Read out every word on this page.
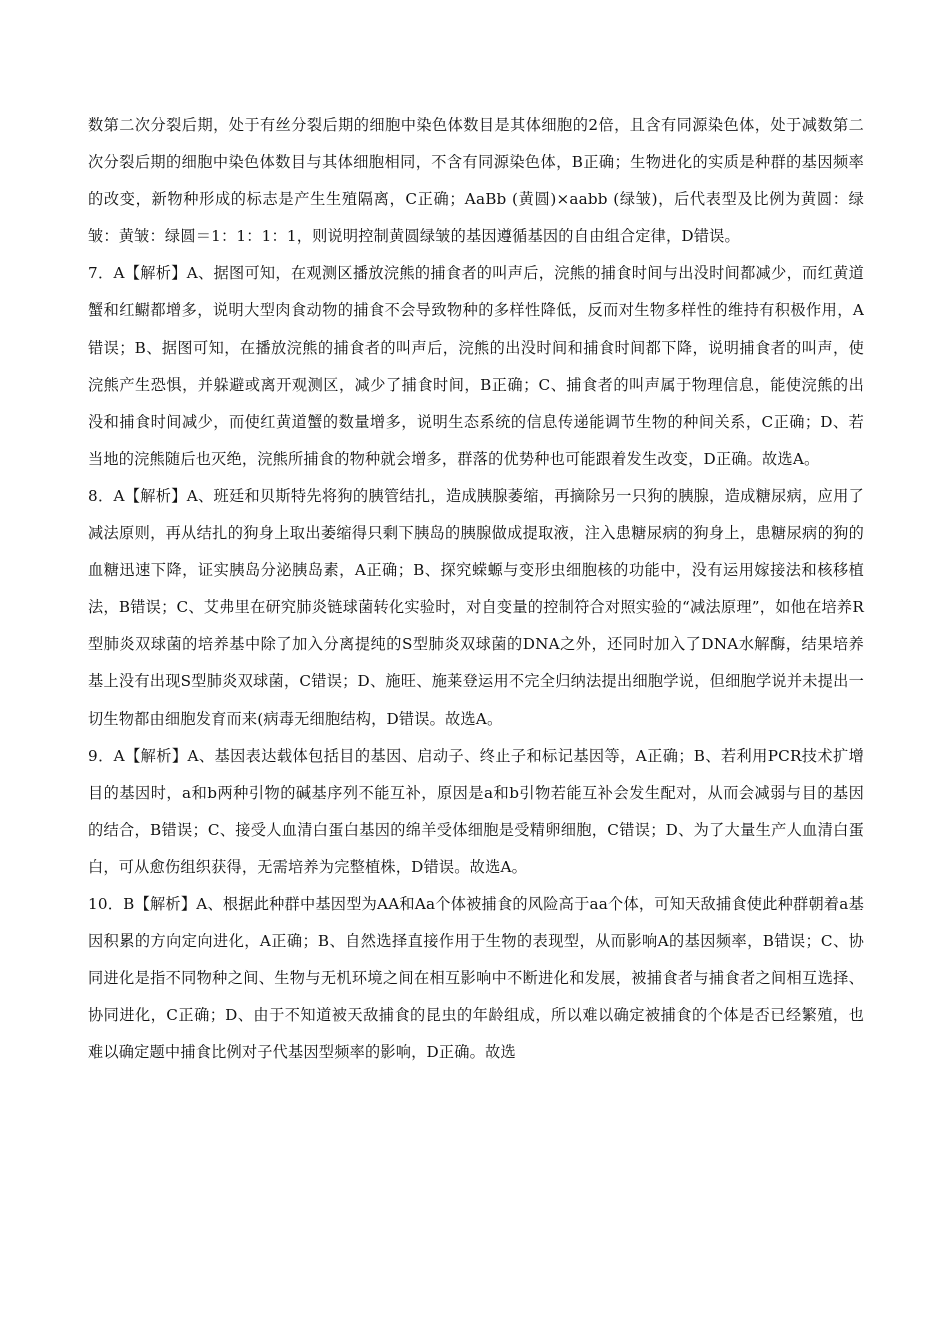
数第二次分裂后期，处于有丝分裂后期的细胞中染色体数目是其体细胞的2倍，且含有同源染色体，处于减数第二次分裂后期的细胞中染色体数目与其体细胞相同，不含有同源染色体，B正确；生物进化的实质是种群的基因频率的改变，新物种形成的标志是产生生殖隔离，C正确；AaBb (黄圆)×aabb (绿皱)，后代表型及比例为黄圆：绿皱：黄皱：绿圆＝1：1：1：1，则说明控制黄圆绿皱的基因遵循基因的自由组合定律，D错误。

7．A【解析】A、据图可知，在观测区播放浣熊的捕食者的叫声后，浣熊的捕食时间与出没时间都减少，而红黄道蟹和红鳚都增多，说明大型肉食动物的捕食不会导致物种的多样性降低，反而对生物多样性的维持有积极作用，A错误；B、据图可知，在播放浣熊的捕食者的叫声后，浣熊的出没时间和捕食时间都下降，说明捕食者的叫声，使浣熊产生恐惧，并躲避或离开观测区，减少了捕食时间，B正确；C、捕食者的叫声属于物理信息，能使浣熊的出没和捕食时间减少，而使红黄道蟹的数量增多，说明生态系统的信息传递能调节生物的种间关系，C正确；D、若当地的浣熊随后也灭绝，浣熊所捕食的物种就会增多，群落的优势种也可能跟着发生改变，D正确。故选A。

8．A【解析】A、班廷和贝斯特先将狗的胰管结扎，造成胰腺萎缩，再摘除另一只狗的胰腺，造成糖尿病，应用了减法原则，再从结扎的狗身上取出萎缩得只剩下胰岛的胰腺做成提取液，注入患糖尿病的狗身上，患糖尿病的狗的血糖迅速下降，证实胰岛分泌胰岛素，A正确；B、探究蝾螈与变形虫细胞核的功能中，没有运用嫁接法和核移植法，B错误；C、艾弗里在研究肺炎链球菌转化实验时，对自变量的控制符合对照实验的“减法原理”，如他在培养R型肺炎双球菌的培养基中除了加入分离提纯的S型肺炎双球菌的DNA之外，还同时加入了DNA水解酶，结果培养基上没有出现S型肺炎双球菌，C错误；D、施旺、施莱登运用不完全归纳法提出细胞学说，但细胞学说并未提出一切生物都由细胞发育而来(病毒无细胞结构，D错误。故选A。

9．A【解析】A、基因表达载体包括目的基因、启动子、终止子和标记基因等，A正确；B、若利用PCR技术扩增目的基因时，a和b两种引物的碱基序列不能互补，原因是a和b引物若能互补会发生配对，从而会减弱与目的基因的结合，B错误；C、接受人血清白蛋白基因的绵羊受体细胞是受精卵细胞，C错误；D、为了大量生产人血清白蛋白，可从愈伤组织获得，无需培养为完整植株，D错误。故选A。

10．B【解析】A、根据此种群中基因型为AA和Aa个体被捕食的风险高于aa个体，可知天敌捕食使此种群朝着a基因积累的方向定向进化，A正确；B、自然选择直接作用于生物的表现型，从而影响A的基因频率，B错误；C、协同进化是指不同物种之间、生物与无机环境之间在相互影响中不断进化和发展，被捕食者与捕食者之间相互选择、协同进化，C正确；D、由于不知道被天敌捕食的昆虫的年龄组成，所以难以确定被捕食的个体是否已经繁殖，也难以确定题中捕食比例对子代基因型频率的影响，D正确。故选
